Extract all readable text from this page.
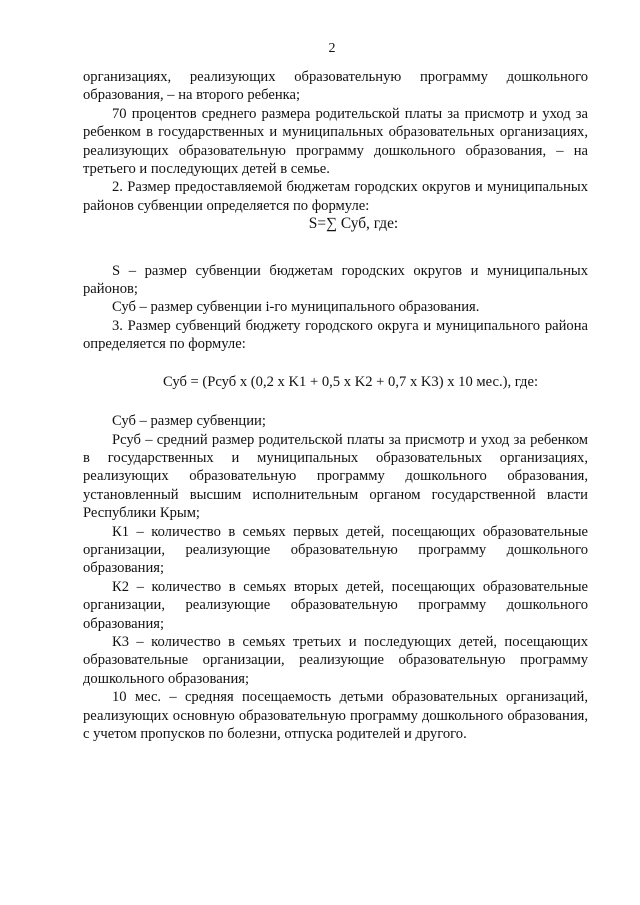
2

организациях, реализующих образовательную программу дошкольного образования, – на второго ребенка;

70 процентов среднего размера родительской платы за присмотр и уход за ребенком в государственных и муниципальных образовательных организациях, реализующих образовательную программу дошкольного образования, – на третьего и последующих детей в семье.

2. Размер предоставляемой бюджетам городских округов и муниципальных районов субвенции определяется по формуле:

S=∑ Суб, где:

S – размер субвенции бюджетам городских округов и муниципальных районов;

Суб – размер субвенции i-го муниципального образования.

3. Размер субвенций бюджету городского округа и муниципального района определяется по формуле:

Суб = (Рсуб x (0,2 x K1 + 0,5 x K2 + 0,7 x K3) x 10 мес.), где:

Суб – размер субвенции;

Рсуб – средний размер родительской платы за присмотр и уход за ребенком в государственных и муниципальных образовательных организациях, реализующих образовательную программу дошкольного образования, установленный высшим исполнительным органом государственной власти Республики Крым;

К1 – количество в семьях первых детей, посещающих образовательные организации, реализующие образовательную программу дошкольного образования;

К2 – количество в семьях вторых детей, посещающих образовательные организации, реализующие образовательную программу дошкольного образования;

К3 – количество в семьях третьих и последующих детей, посещающих образовательные организации, реализующие образовательную программу дошкольного образования;

10 мес. – средняя посещаемость детьми образовательных организаций, реализующих основную образовательную программу дошкольного образования, с учетом пропусков по болезни, отпуска родителей и другого.
